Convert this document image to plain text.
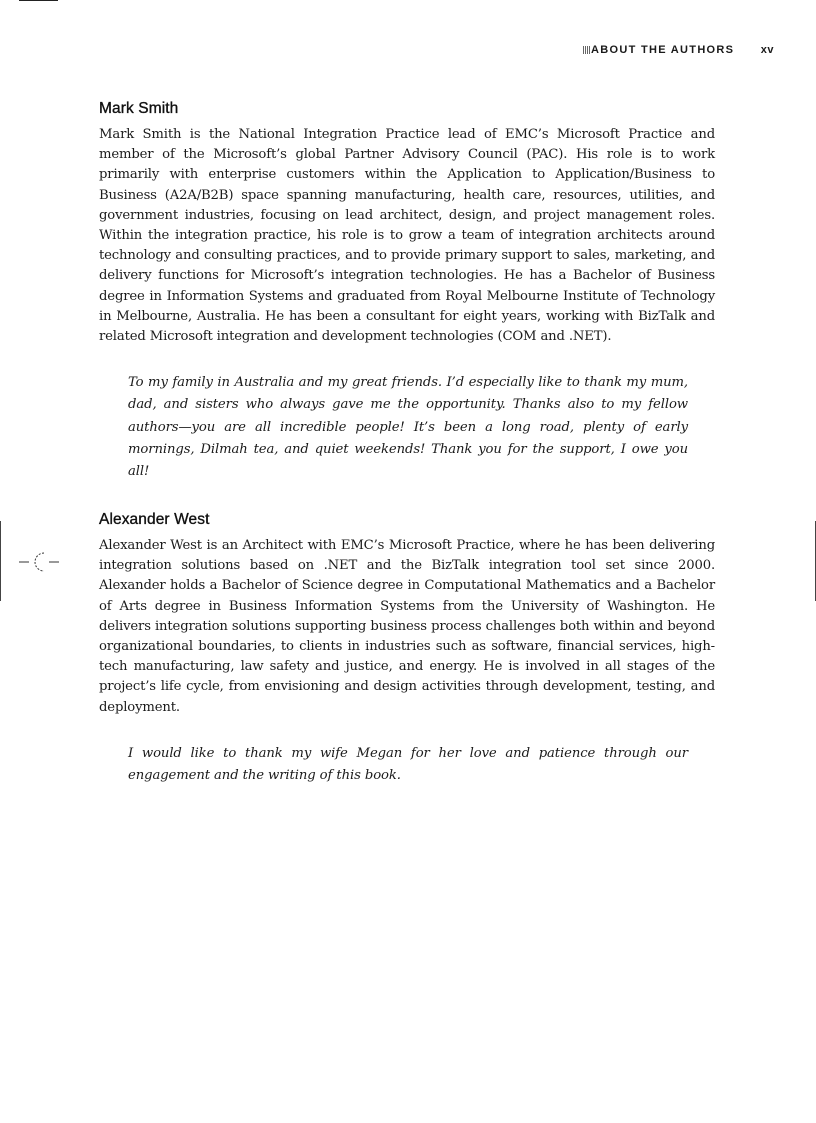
ABOUT THE AUTHORS xv
Mark Smith

Mark Smith is the National Integration Practice lead of EMC’s Microsoft Practice and member of the Microsoft’s global Partner Advisory Council (PAC). His role is to work primarily with enterprise customers within the Application to Application/Business to Business (A2A/B2B) space spanning manufacturing, health care, resources, utilities, and government industries, focusing on lead architect, design, and project management roles. Within the integration practice, his role is to grow a team of integration architects around technology and consulting practices, and to provide primary support to sales, marketing, and delivery functions for Microsoft’s integration technologies. He has a Bachelor of Business degree in Information Systems and graduated from Royal Melbourne Institute of Technology in Melbourne, Australia. He has been a consultant for eight years, working with BizTalk and related Microsoft integration and development technologies (COM and .NET).

To my family in Australia and my great friends. I’d especially like to thank my mum, dad, and sisters who always gave me the opportunity. Thanks also to my fellow authors—you are all incredible people! It’s been a long road, plenty of early mornings, Dilmah tea, and quiet weekends! Thank you for the support, I owe you all!

Alexander West

Alexander West is an Architect with EMC’s Microsoft Practice, where he has been delivering integration solutions based on .NET and the BizTalk integration tool set since 2000. Alexander holds a Bachelor of Science degree in Computational Mathematics and a Bachelor of Arts degree in Business Information Systems from the University of Washington. He delivers integration solutions supporting business process challenges both within and beyond organizational boundaries, to clients in industries such as software, financial services, high-tech manufacturing, law safety and justice, and energy. He is involved in all stages of the project’s life cycle, from envisioning and design activities through development, testing, and deployment.

I would like to thank my wife Megan for her love and patience through our engagement and the writing of this book.
